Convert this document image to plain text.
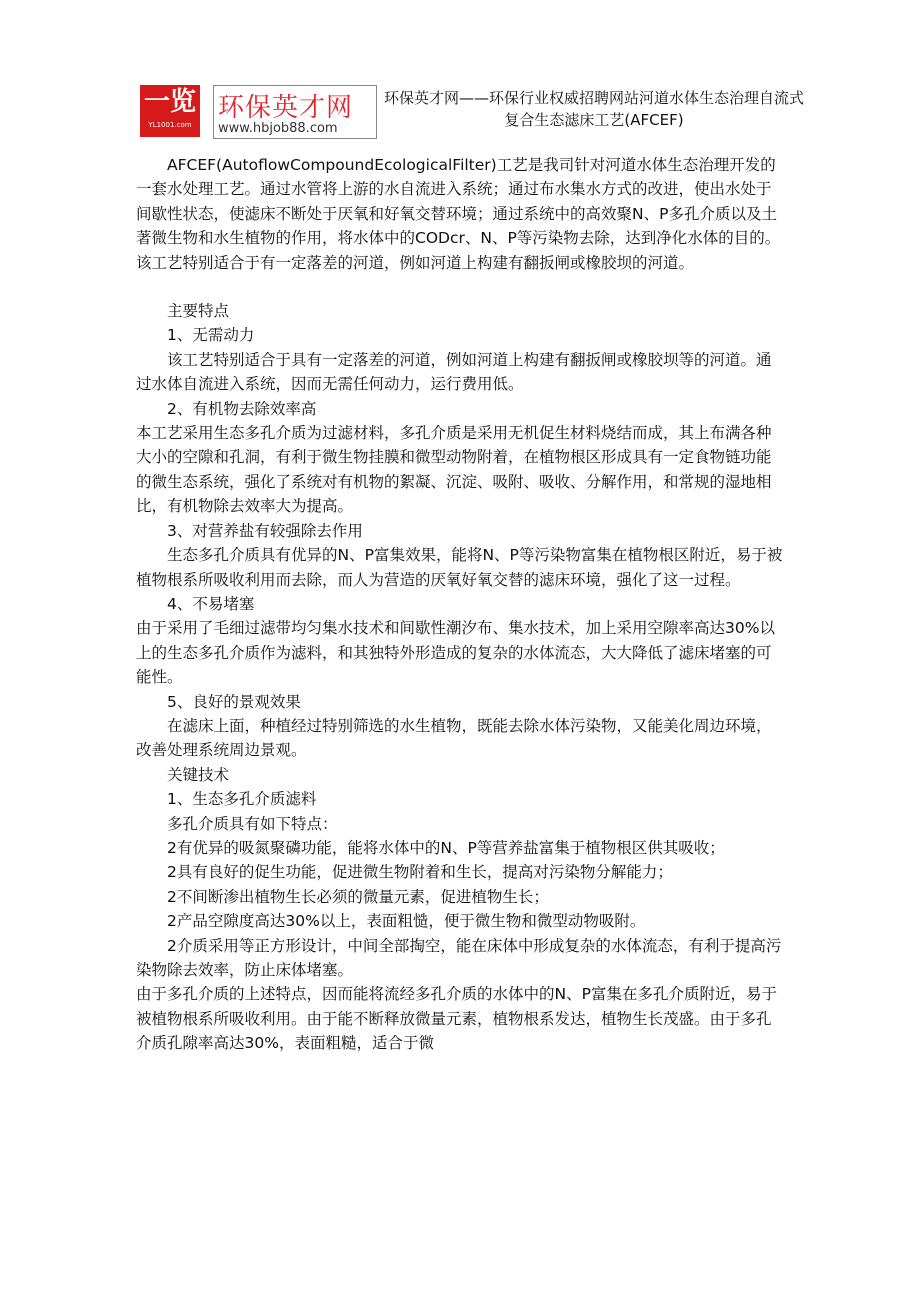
一览
YL1001.com
环保英才网
www.hbjob88.com
环保英才网——环保行业权威招聘网站河道水体生态治理自流式复合生态滤床工艺(AFCEF)

AFCEF(AutoflowCompoundEcologicalFilter)工艺是我司针对河道水体生态治理开发的一套水处理工艺。通过水管将上游的水自流进入系统；通过布水集水方式的改进，使出水处于间歇性状态，使滤床不断处于厌氧和好氧交替环境；通过系统中的高效聚N、P多孔介质以及土著微生物和水生植物的作用，将水体中的CODcr、N、P等污染物去除，达到净化水体的目的。该工艺特别适合于有一定落差的河道，例如河道上构建有翻扳闸或橡胶坝的河道。

主要特点

1、无需动力

该工艺特别适合于具有一定落差的河道，例如河道上构建有翻扳闸或橡胶坝等的河道。通过水体自流进入系统，因而无需任何动力，运行费用低。

2、有机物去除效率高

本工艺采用生态多孔介质为过滤材料，多孔介质是采用无机促生材料烧结而成，其上布满各种大小的空隙和孔洞，有利于微生物挂膜和微型动物附着，在植物根区形成具有一定食物链功能的微生态系统，强化了系统对有机物的絮凝、沉淀、吸附、吸收、分解作用，和常规的湿地相比，有机物除去效率大为提高。

3、对营养盐有较强除去作用

生态多孔介质具有优异的N、P富集效果，能将N、P等污染物富集在植物根区附近，易于被植物根系所吸收利用而去除，而人为营造的厌氧好氧交替的滤床环境，强化了这一过程。

4、不易堵塞

由于采用了毛细过滤带均匀集水技术和间歇性潮汐布、集水技术，加上采用空隙率高达30%以上的生态多孔介质作为滤料，和其独特外形造成的复杂的水体流态，大大降低了滤床堵塞的可能性。

5、良好的景观效果

在滤床上面，种植经过特别筛选的水生植物，既能去除水体污染物，又能美化周边环境，改善处理系统周边景观。

关键技术

1、生态多孔介质滤料

多孔介质具有如下特点：

2有优异的吸氮聚磷功能，能将水体中的N、P等营养盐富集于植物根区供其吸收；

2具有良好的促生功能，促进微生物附着和生长，提高对污染物分解能力；

2不间断渗出植物生长必须的微量元素，促进植物生长；

2产品空隙度高达30%以上，表面粗慥，便于微生物和微型动物吸附。

2介质采用等正方形设计，中间全部掏空，能在床体中形成复杂的水体流态，有利于提高污染物除去效率，防止床体堵塞。

由于多孔介质的上述特点，因而能将流经多孔介质的水体中的N、P富集在多孔介质附近，易于被植物根系所吸收利用。由于能不断释放微量元素，植物根系发达，植物生长茂盛。由于多孔介质孔隙率高达30%，表面粗糙，适合于微
